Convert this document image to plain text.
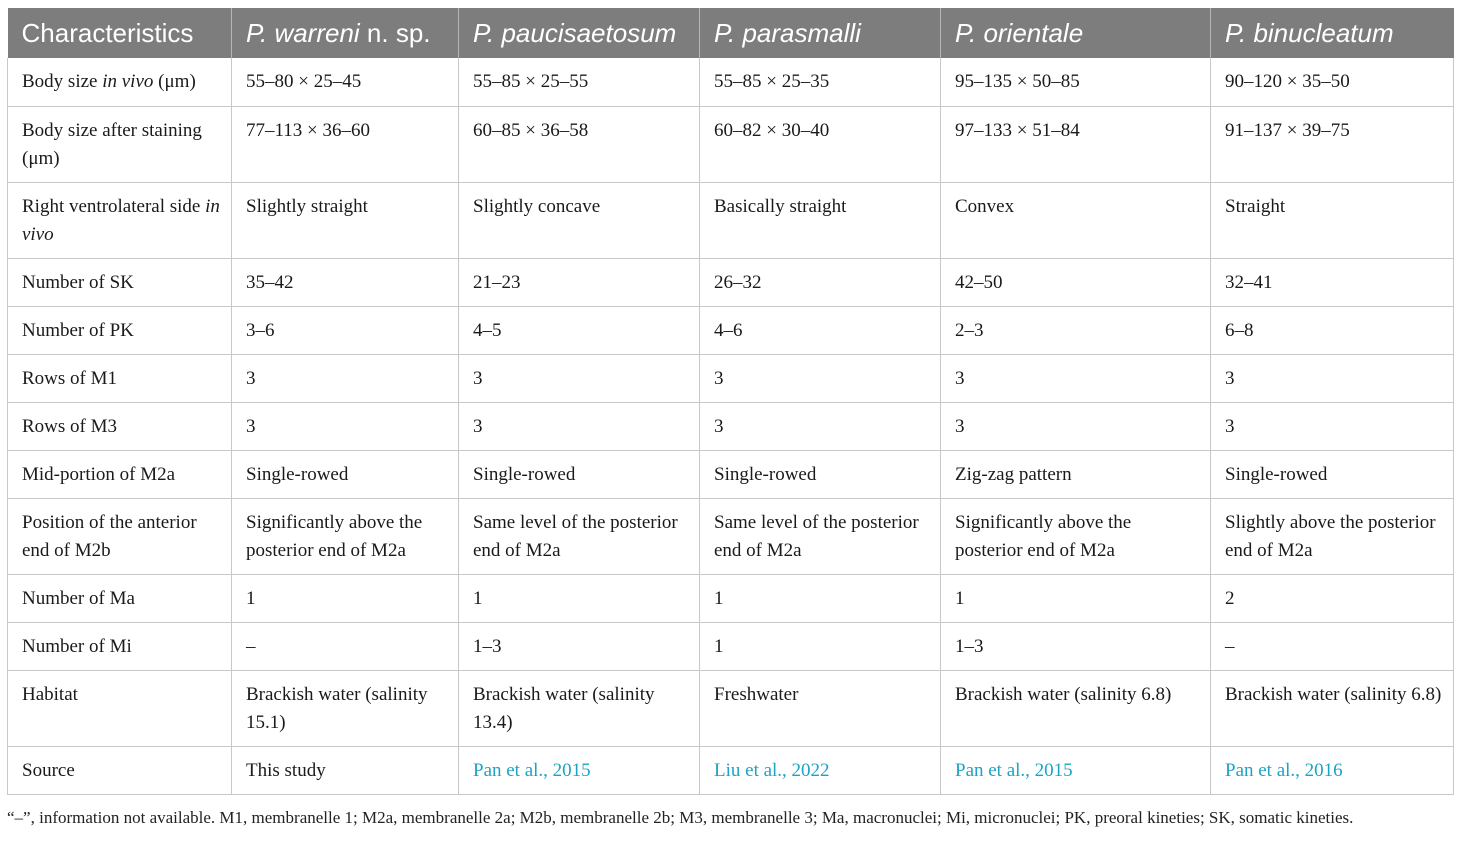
Characteristics	P. warreni n. sp.	P. paucisaetosum	P. parasmalli	P. orientale	P. binucleatum
Body size in vivo (μm)	55–80 × 25–45	55–85 × 25–55	55–85 × 25–35	95–135 × 50–85	90–120 × 35–50
Body size after staining (μm)	77–113 × 36–60	60–85 × 36–58	60–82 × 30–40	97–133 × 51–84	91–137 × 39–75
Right ventrolateral side in vivo	Slightly straight	Slightly concave	Basically straight	Convex	Straight
Number of SK	35–42	21–23	26–32	42–50	32–41
Number of PK	3–6	4–5	4–6	2–3	6–8
Rows of M1	3	3	3	3	3
Rows of M3	3	3	3	3	3
Mid-portion of M2a	Single-rowed	Single-rowed	Single-rowed	Zig-zag pattern	Single-rowed
Position of the anterior end of M2b	Significantly above the posterior end of M2a	Same level of the posterior end of M2a	Same level of the posterior end of M2a	Significantly above the posterior end of M2a	Slightly above the posterior end of M2a
Number of Ma	1	1	1	1	2
Number of Mi	–	1–3	1	1–3	–
Habitat	Brackish water (salinity 15.1)	Brackish water (salinity 13.4)	Freshwater	Brackish water (salinity 6.8)	Brackish water (salinity 6.8)
Source	This study	Pan et al., 2015	Liu et al., 2022	Pan et al., 2015	Pan et al., 2016
“–”, information not available. M1, membranelle 1; M2a, membranelle 2a; M2b, membranelle 2b; M3, membranelle 3; Ma, macronuclei; Mi, micronuclei; PK, preoral kineties; SK, somatic kineties.
